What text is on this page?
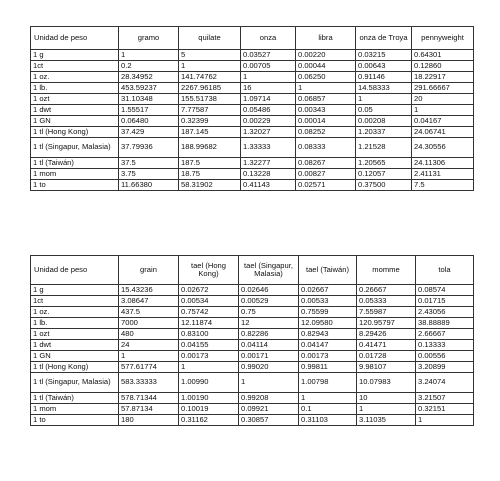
Unidad de peso	gramo	quilate	onza	libra	onza de Troya	pennyweight
1 g	1	5	0.03527	0.00220	0.03215	0.64301
1ct	0.2	1	0.00705	0.00044	0.00643	0.12860
1 oz.	28.34952	141.74762	1	0.06250	0.91146	18.22917
1 lb.	453.59237	2267.96185	16	1	14.58333	291.66667
1 ozt	31.10348	155.51738	1.09714	0.06857	1	20
1 dwt	1.55517	7.77587	0.05486	0.00343	0.05	1
1 GN	0.06480	0.32399	0.00229	0.00014	0.00208	0.04167
1 tl (Hong Kong)	37.429	187.145	1.32027	0.08252	1.20337	24.06741
1 tl (Singapur, Malasia)	37.79936	188.99682	1.33333	0.08333	1.21528	24.30556
1 tl (Taiwán)	37.5	187.5	1.32277	0.08267	1.20565	24.11306
1 mom	3.75	18.75	0.13228	0.00827	0.12057	2.41131
1 to	11.66380	58.31902	0.41143	0.02571	0.37500	7.5
Unidad de peso	grain	tael (Hong Kong)	tael (Singapur, Malasia)	tael (Taiwán)	momme	tola
1 g	15.43236	0.02672	0.02646	0.02667	0.26667	0.08574
1ct	3.08647	0.00534	0.00529	0.00533	0.05333	0.01715
1 oz.	437.5	0.75742	0.75	0.75599	7.55987	2.43056
1 lb.	7000	12.11874	12	12.09580	120.95797	38.88889
1 ozt	480	0.83100	0.82286	0.82943	8.29426	2.66667
1 dwt	24	0.04155	0.04114	0.04147	0.41471	0.13333
1 GN	1	0.00173	0.00171	0.00173	0.01728	0.00556
1 tl (Hong Kong)	577.61774	1	0.99020	0.99811	9.98107	3.20899
1 tl (Singapur, Malasia)	583.33333	1.00990	1	1.00798	10.07983	3.24074
1 tl (Taiwán)	578.71344	1.00190	0.99208	1	10	3.21507
1 mom	57.87134	0.10019	0.09921	0.1	1	0.32151
1 to	180	0.31162	0.30857	0.31103	3.11035	1
